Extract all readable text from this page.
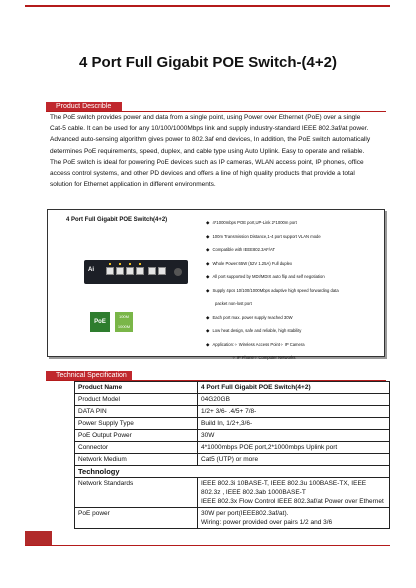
4 Port Full Gigabit POE Switch-(4+2)
Product Describle

The PoE switch provides power and data from a single point, using Power over Ethernet (PoE) over a single Cat-5 cable. It can be used for any 10/100/1000Mbps link and supply industry-standard IEEE 802.3af/at power. Advanced auto-sensing algorithm gives power to 802.3af end devices, In addition, the PoE switch automatically determines PoE requirements, speed, duplex, and cable type using Auto Uplink. Easy to operate and reliable.

The PoE switch is ideal for powering PoE devices such as IP cameras, WLAN access point, IP phones, office access control systems, and other PD devices and offers a line of high quality products that provide a total solution for Ethernet application in different environments.

4 Port Full Gigabit POE Switch(4+2)
Ai
PoE
100M
1000M
◆ 4*1000mbps POE port,UP-Link 2*1000m port
◆ 100m Transmission Distance,1-4 port support VLAN mode
◆ Compatible with IEEE802.3AF/AT
◆ Whole Power:65W (52V 1.25A) Full duplex
◆ All port supported by MDI/MDIX auto flip and self negotiation
◆ Supply 4pcs 10/100/1000Mbps adaptive high speed forwarding data
packet non-lost port
◆ Each port max. power supply reached 30W
◆ Low heat design, safe and reliable, high stability
◆ Application:✧ Wireless Access Point✧ IP Camera
✧ IP Phone✧ Computer Networks
Technical Specification
Product Name	4 Port Full Gigabit POE Switch(4+2)
Product Model	04G20GB
DATA PIN	1/2+ 3/6- .4/5+ 7/8-
Power Supply Type	Build In, 1/2+,3/6-
PoE Output Power	30W
Connector	4*1000mbps POE port,2*1000mbps Uplink port
Network Medium	Cat5 (UTP) or more
Technology	
Network Standards	IEEE 802.3i 10BASE-T, IEEE 802.3u 100BASE-TX, IEEE 802.3z , IEEE 802.3ab 1000BASE-T
IEEE 802.3x Flow Control IEEE 802.3af/at Power over Ethernet

PoE power	30W per port(IEEE802.3af/at).
Wiring: power provided over pairs 1/2 and 3/6
